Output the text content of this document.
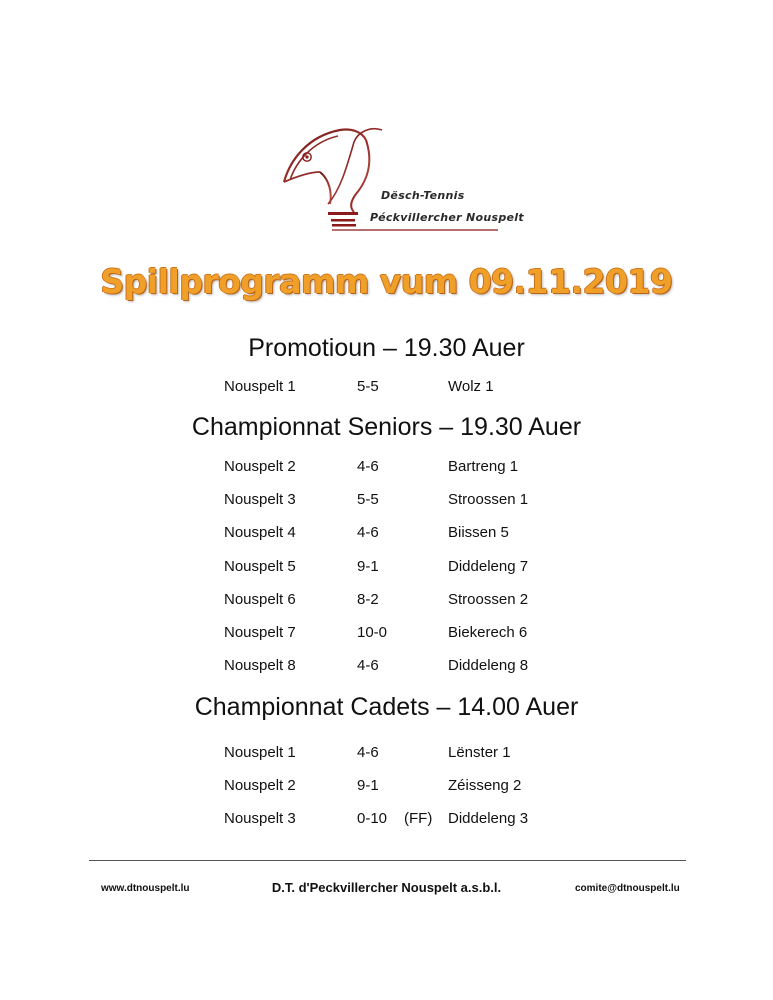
Dësch-Tennis
Péckvillercher Nouspelt
Spillprogramm vum 09.11.2019
Promotioun – 19.30 Auer
Nouspelt 1	5-5	Wolz 1
Championnat Seniors – 19.30 Auer
Nouspelt 2	4-6	Bartreng 1
Nouspelt 3	5-5	Stroossen 1
Nouspelt 4	4-6	Biissen 5
Nouspelt 5	9-1	Diddeleng 7
Nouspelt 6	8-2	Stroossen 2
Nouspelt 7	10-0	Biekerech 6
Nouspelt 8	4-6	Diddeleng 8
Championnat Cadets – 14.00 Auer
Nouspelt 1	4-6	Lënster 1
Nouspelt 2	9-1	Zéisseng 2
Nouspelt 3	0-10 (FF) Diddeleng 3
www.dtnouspelt.lu	D.T. d'Peckvillercher Nouspelt a.s.b.l.	comite@dtnouspelt.lu
